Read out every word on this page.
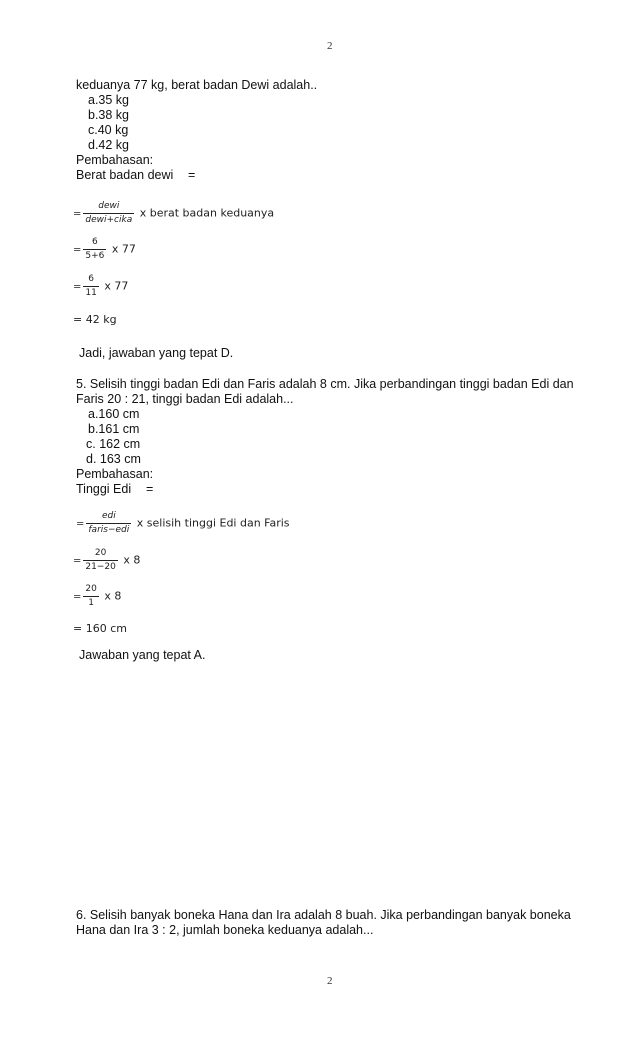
2
keduanya 77 kg, berat badan Dewi adalah..
a.35 kg
b.38 kg
c.40 kg
d.42 kg
Pembahasan:
Berat badan dewi =
= $\frac{\text{dewi}}{\text{dewi+cika}}$ x berat badan keduanya
= $\frac{6}{5+6}$ x 77
= $\frac{6}{11}$ x 77
= 42 kg
Jadi, jawaban yang tepat D.
5. Selisih tinggi badan Edi dan Faris adalah 8 cm. Jika perbandingan tinggi badan Edi dan
Faris 20 : 21, tinggi badan Edi adalah...
a.160 cm
b.161 cm
c. 162 cm
d. 163 cm
Pembahasan:
Tinggi Edi =
= $\frac{\text{edi}}{\text{faris−edi}}$ x selisih tinggi Edi dan Faris
= $\frac{20}{21-20}$ x 8
= $\frac{20}{1}$ x 8
= 160 cm
Jawaban yang tepat A.
6. Selisih banyak boneka Hana dan Ira adalah 8 buah. Jika perbandingan banyak boneka
Hana dan Ira 3 : 2, jumlah boneka keduanya adalah...
2
